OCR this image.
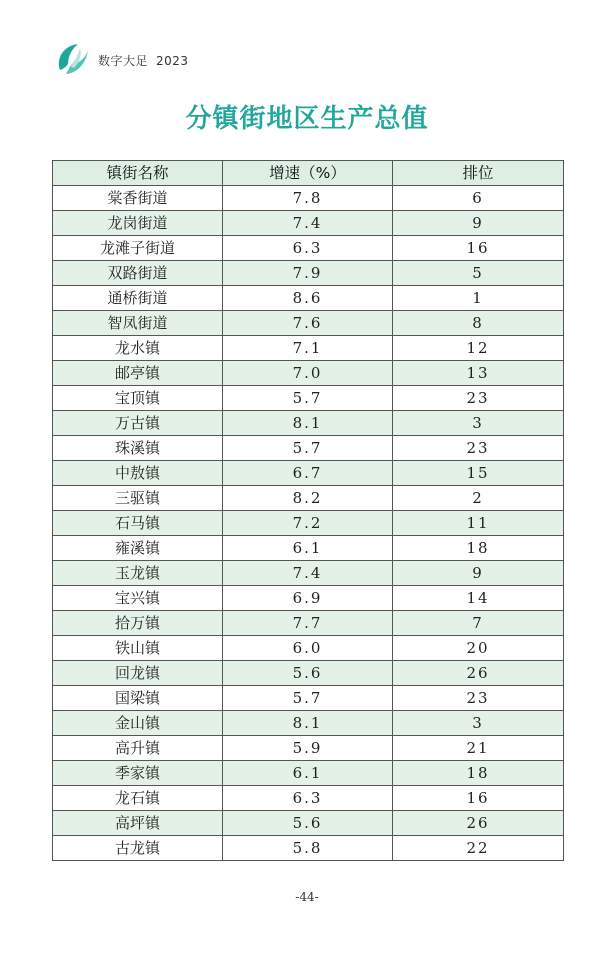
数字大足 2023
分镇街地区生产总值
镇街名称	增速（%）	排位
棠香街道	7.8	6
龙岗街道	7.4	9
龙滩子街道	6.3	16
双路街道	7.9	5
通桥街道	8.6	1
智凤街道	7.6	8
龙水镇	7.1	12
邮亭镇	7.0	13
宝顶镇	5.7	23
万古镇	8.1	3
珠溪镇	5.7	23
中敖镇	6.7	15
三驱镇	8.2	2
石马镇	7.2	11
雍溪镇	6.1	18
玉龙镇	7.4	9
宝兴镇	6.9	14
拾万镇	7.7	7
铁山镇	6.0	20
回龙镇	5.6	26
国梁镇	5.7	23
金山镇	8.1	3
高升镇	5.9	21
季家镇	6.1	18
龙石镇	6.3	16
高坪镇	5.6	26
古龙镇	5.8	22
-44-
